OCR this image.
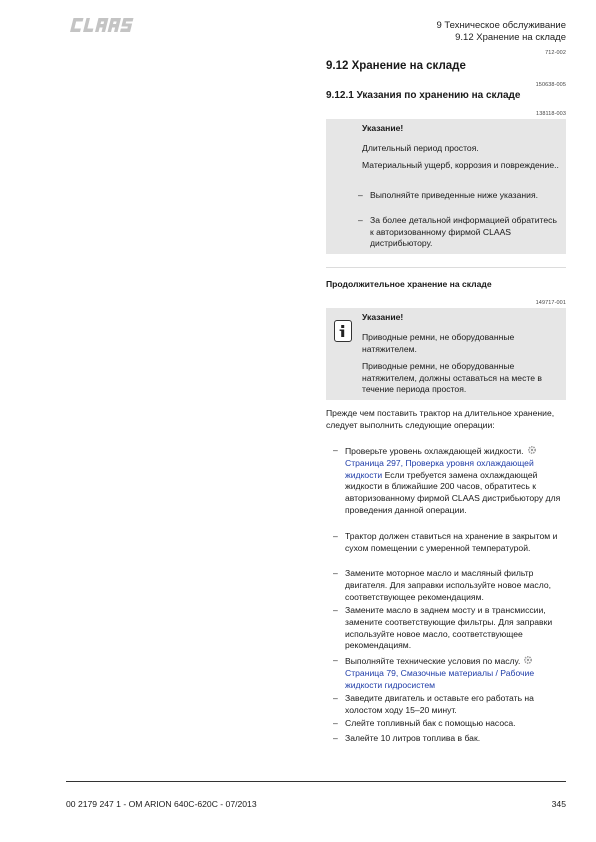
9 Техническое обслуживание
9.12 Хранение на складе
712-002
9.12 Хранение на складе
150638-005
9.12.1 Указания по хранению на складе
138118-003
Указание!

Длительный период простоя.

Материальный ущерб, коррозия и повреждение..

– Выполняйте приведенные ниже указания.
– За более детальной информацией обратитесь к авторизованному фирмой CLAAS дистрибьютору.
Продолжительное хранение на складе
149717-001
Указание!

Приводные ремни, не оборудованные натяжителем.

Приводные ремни, не оборудованные натяжителем, должны оставаться на месте в течение периода простоя.

Прежде чем поставить трактор на длительное хранение, следует выполнить следующие операции:
– Проверьте уровень охлаждающей жидкости.Страница 297, Проверка уровня охлаждающей жидкости Если требуется замена охлаждающей жидкости в ближайшие 200 часов, обратитесь к авторизованному фирмой CLAAS дистрибьютору для проведения данной операции.
– Трактор должен ставиться на хранение в закрытом и сухом помещении с умеренной температурой.
– Замените моторное масло и масляный фильтр двигателя. Для заправки используйте новое масло, соответствующее рекомендациям.
– Замените масло в заднем мосту и в трансмиссии, замените соответствующие фильтры. Для заправки используйте новое масло, соответствующее рекомендациям.
– Выполняйте технические условия по маслу.Страница 79, Смазочные материалы / Рабочие жидкости гидросистем
– Заведите двигатель и оставьте его работать на холостом ходу 15–20 минут.
– Слейте топливный бак с помощью насоса.
– Залейте 10 литров топлива в бак.
00 2179 247 1 - OM ARION 640C-620C - 07/2013	345
